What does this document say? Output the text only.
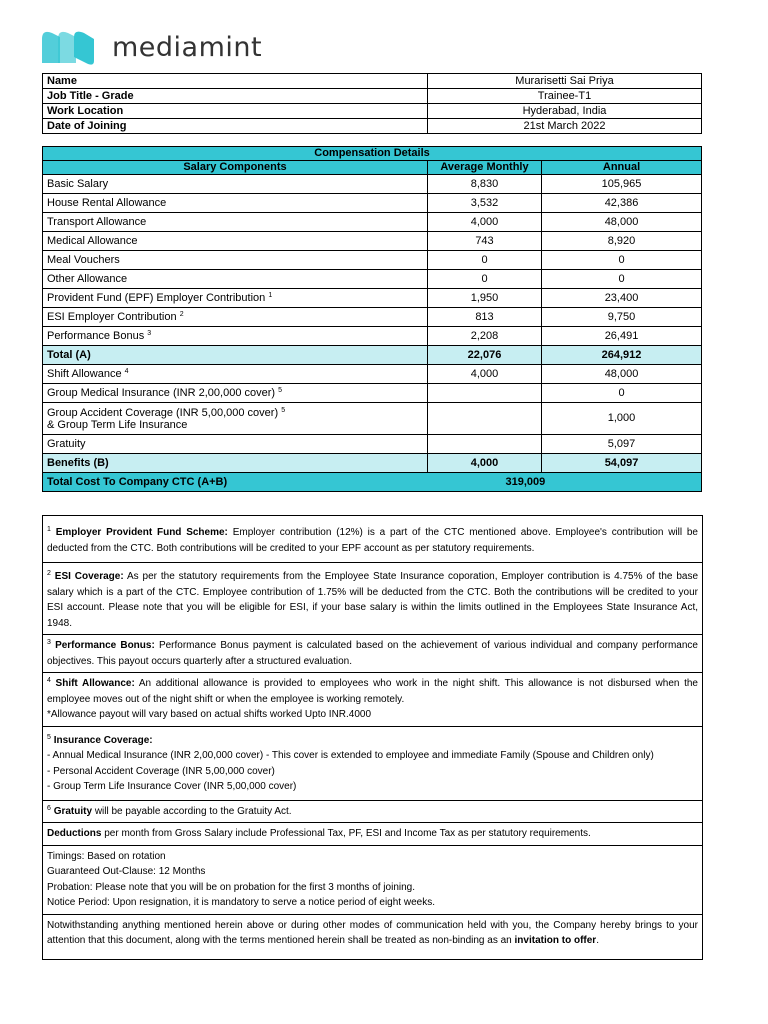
mediamint
Name	Murarisetti Sai Priya
Job Title - Grade	Trainee-T1
Work Location	Hyderabad, India
Date of Joining	21st March 2022
Compensation Details		
Salary Components	Average Monthly	Annual
Basic Salary	8,830	105,965
House Rental Allowance	3,532	42,386
Transport Allowance	4,000	48,000
Medical Allowance	743	8,920
Meal Vouchers	0	0
Other Allowance	0	0
Provident Fund (EPF) Employer Contribution $^1$	1,950	23,400
ESI Employer Contribution $^2$	813	9,750
Performance Bonus $^3$	2,208	26,491
Total (A)	22,076	264,912
Shift Allowance $^4$	4,000	48,000
Group Medical Insurance (INR 2,00,000 cover) $^5$		0
Group Accident Coverage (INR 5,00,000 cover) $^5$
& Group Term Life Insurance		1,000
Gratuity		5,097
Benefits (B)	4,000	54,097
Total Cost To Company CTC (A+B)		319,009
$^1$ Employer Provident Fund Scheme: Employer contribution (12%) is a part of the CTC mentioned above. Employee's contribution will be deducted from the CTC. Both contributions will be credited to your EPF account as per statutory requirements.
$^2$ ESI Coverage: As per the statutory requirements from the Employee State Insurance coporation, Employer contribution is 4.75% of the base salary which is a part of the CTC. Employee contribution of 1.75% will be deducted from the CTC. Both the contributions will be credited to your ESI account. Please note that you will be eligible for ESI, if your base salary is within the limits outlined in the Employees State Insurance Act, 1948.
$^3$ Performance Bonus: Performance Bonus payment is calculated based on the achievement of various individual and company performance objectives. This payout occurs quarterly after a structured evaluation.
$^4$ Shift Allowance: An additional allowance is provided to employees who work in the night shift. This allowance is not disbursed when the employee moves out of the night shift or when the employee is working remotely.
*Allowance payout will vary based on actual shifts worked Upto INR.4000
$^5$ Insurance Coverage:
- Annual Medical Insurance (INR 2,00,000 cover) - This cover is extended to employee and immediate Family (Spouse and Children only)
- Personal Accident Coverage (INR 5,00,000 cover)
- Group Term Life Insurance Cover (INR 5,00,000 cover)
$^6$ Gratuity will be payable according to the Gratuity Act.
Deductions per month from Gross Salary include Professional Tax, PF, ESI and Income Tax as per statutory requirements.
Timings: Based on rotation
Guaranteed Out-Clause: 12 Months
Probation: Please note that you will be on probation for the first 3 months of joining.
Notice Period: Upon resignation, it is mandatory to serve a notice period of eight weeks.
Notwithstanding anything mentioned herein above or during other modes of communication held with you, the Company hereby brings to your attention that this document, along with the terms mentioned herein shall be treated as non-binding as an invitation to offer.
